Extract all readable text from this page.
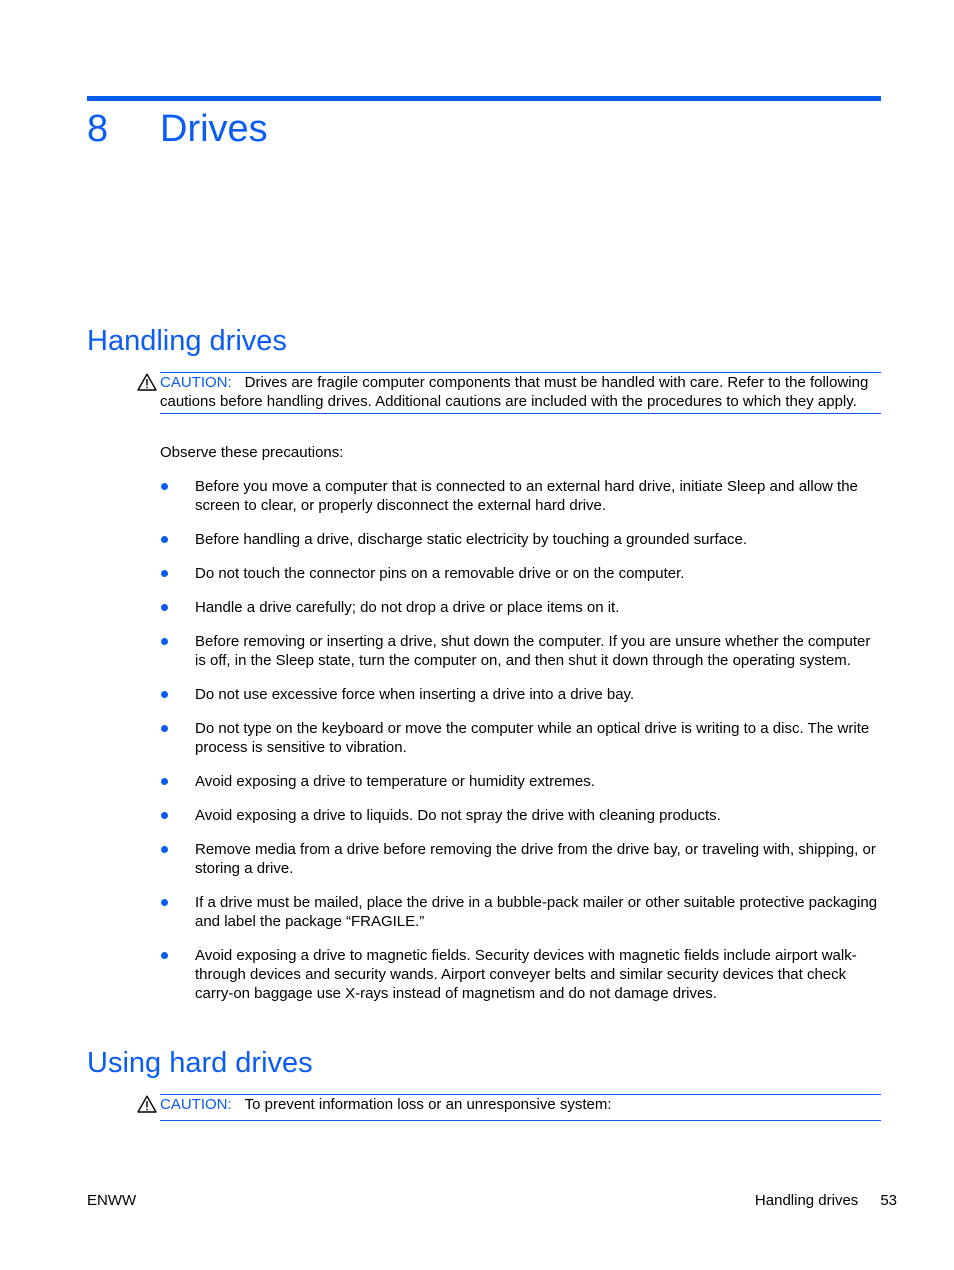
8 Drives
Handling drives
CAUTION: Drives are fragile computer components that must be handled with care. Refer to the following cautions before handling drives. Additional cautions are included with the procedures to which they apply.
Observe these precautions:
Before you move a computer that is connected to an external hard drive, initiate Sleep and allow the screen to clear, or properly disconnect the external hard drive.
Before handling a drive, discharge static electricity by touching a grounded surface.
Do not touch the connector pins on a removable drive or on the computer.
Handle a drive carefully; do not drop a drive or place items on it.
Before removing or inserting a drive, shut down the computer. If you are unsure whether the computer is off, in the Sleep state, turn the computer on, and then shut it down through the operating system.
Do not use excessive force when inserting a drive into a drive bay.
Do not type on the keyboard or move the computer while an optical drive is writing to a disc. The write process is sensitive to vibration.
Avoid exposing a drive to temperature or humidity extremes.
Avoid exposing a drive to liquids. Do not spray the drive with cleaning products.
Remove media from a drive before removing the drive from the drive bay, or traveling with, shipping, or storing a drive.
If a drive must be mailed, place the drive in a bubble-pack mailer or other suitable protective packaging and label the package “FRAGILE.”
Avoid exposing a drive to magnetic fields. Security devices with magnetic fields include airport walk-through devices and security wands. Airport conveyer belts and similar security devices that check carry-on baggage use X-rays instead of magnetism and do not damage drives.
Using hard drives
CAUTION: To prevent information loss or an unresponsive system:
ENWW	Handling drives 53
